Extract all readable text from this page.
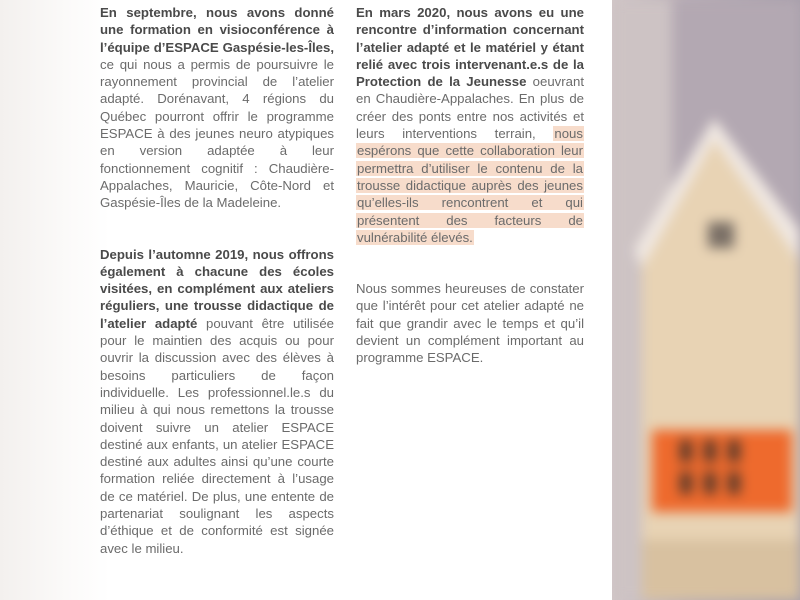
En septembre, nous avons donné une formation en visioconférence à l’équipe d’ESPACE Gaspésie-les-Îles, ce qui nous a permis de poursuivre le rayonnement provincial de l’atelier adapté. Dorénavant, 4 régions du Québec pourront offrir le programme ESPACE à des jeunes neuro atypiques en version adaptée à leur fonctionnement cognitif : Chaudière-Appalaches, Mauricie, Côte-Nord et Gaspésie-Îles de la Madeleine.

Depuis l’automne 2019, nous offrons également à chacune des écoles visitées, en complément aux ateliers réguliers, une trousse didactique de l’atelier adapté pouvant être utilisée pour le maintien des acquis ou pour ouvrir la discussion avec des élèves à besoins particuliers de façon individuelle. Les professionnel.le.s du milieu à qui nous remettons la trousse doivent suivre un atelier ESPACE destiné aux enfants, un atelier ESPACE destiné aux adultes ainsi qu’une courte formation reliée directement à l’usage de ce matériel. De plus, une entente de partenariat soulignant les aspects d’éthique et de conformité est signée avec le milieu.

En mars 2020, nous avons eu une rencontre d’information concernant l’atelier adapté et le matériel y étant relié avec trois intervenant.e.s de la Protection de la Jeunesse oeuvrant en Chaudière-Appalaches. En plus de créer des ponts entre nos activités et leurs interventions terrain, nous espérons que cette collaboration leur permettra d’utiliser le contenu de la trousse didactique auprès des jeunes qu’elles-ils rencontrent et qui présentent des facteurs de vulnérabilité élevés.

Nous sommes heureuses de constater que l’intérêt pour cet atelier adapté ne fait que grandir avec le temps et qu’il devient un complément important au programme ESPACE.
